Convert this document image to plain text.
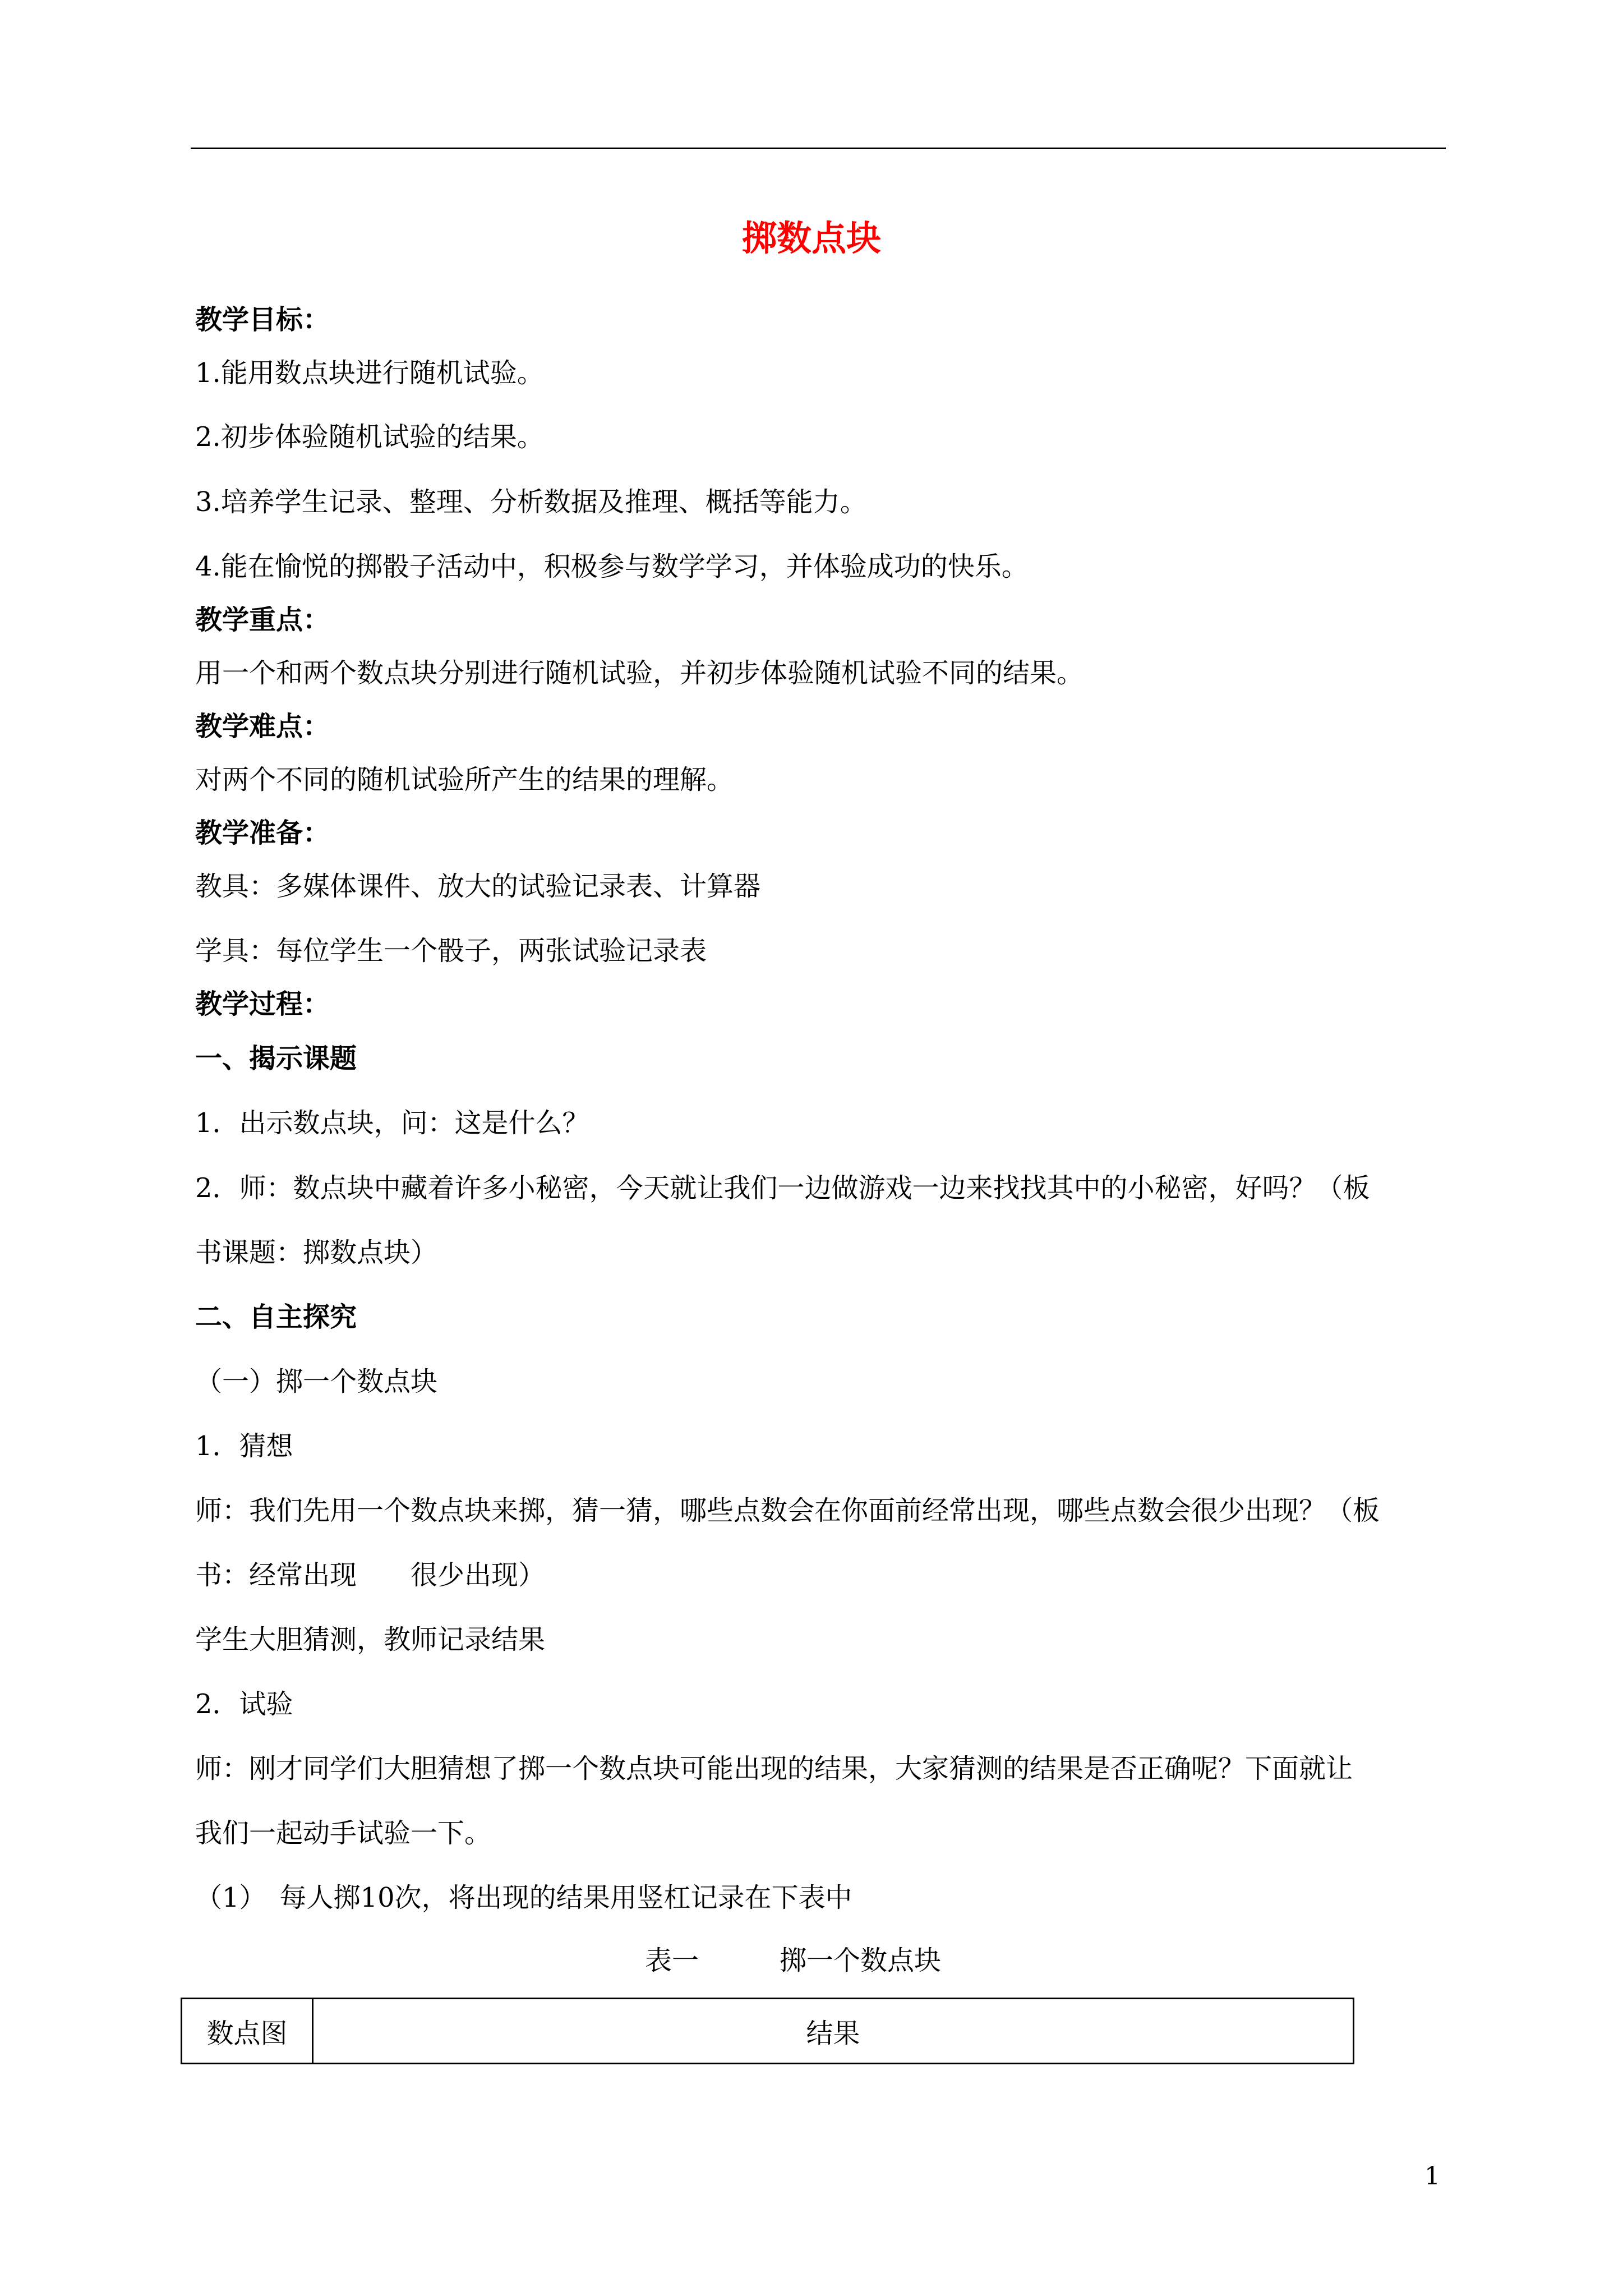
掷数点块
教学目标：
1.能用数点块进行随机试验。
2.初步体验随机试验的结果。
3.培养学生记录、整理、分析数据及推理、概括等能力。
4.能在愉悦的掷骰子活动中，积极参与数学学习，并体验成功的快乐。
教学重点：
用一个和两个数点块分别进行随机试验，并初步体验随机试验不同的结果。
教学难点：
对两个不同的随机试验所产生的结果的理解。
教学准备：
教具：多媒体课件、放大的试验记录表、计算器
学具：每位学生一个骰子，两张试验记录表
教学过程：
一、揭示课题
1．出示数点块，问：这是什么？
2．师：数点块中藏着许多小秘密，今天就让我们一边做游戏一边来找找其中的小秘密，好吗？（板
书课题：掷数点块）
二、自主探究
（一）掷一个数点块
1．猜想
师：我们先用一个数点块来掷，猜一猜，哪些点数会在你面前经常出现，哪些点数会很少出现？（板
书：经常出现　　很少出现）
学生大胆猜测，教师记录结果
2．试验
师：刚才同学们大胆猜想了掷一个数点块可能出现的结果，大家猜测的结果是否正确呢？下面就让
我们一起动手试验一下。
（1）　每人掷10次，将出现的结果用竖杠记录在下表中
表一　　　掷一个数点块
数点图	结果
1
